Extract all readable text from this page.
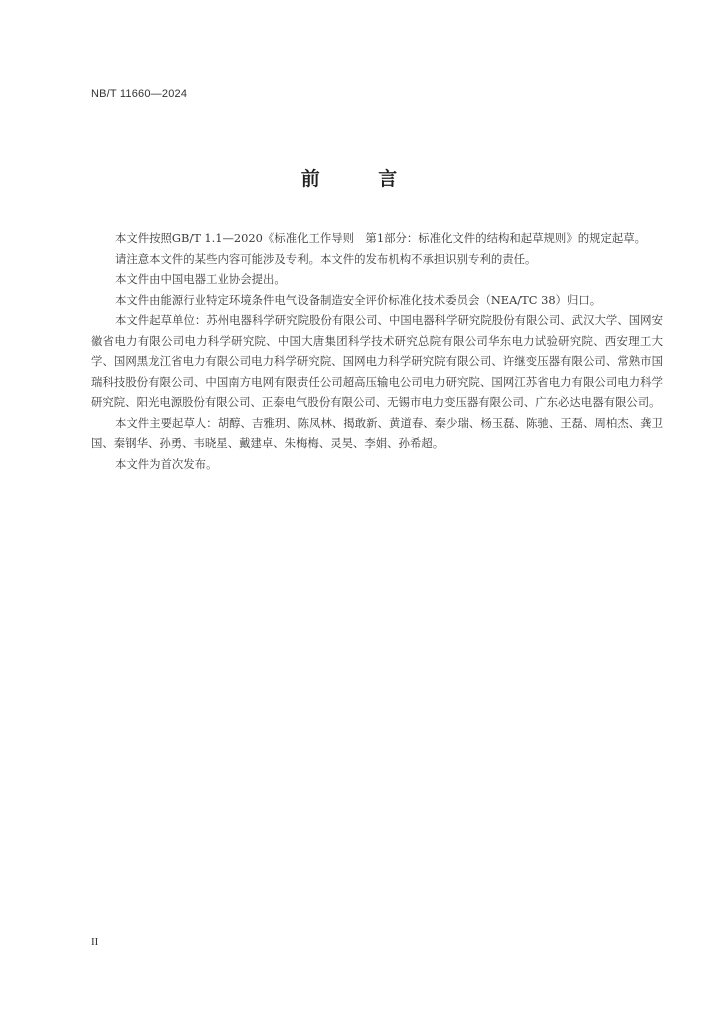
NB/T 11660—2024
前 言

本文件按照GB/T 1.1—2020《标准化工作导则　第1部分：标准化文件的结构和起草规则》的规定起草。

请注意本文件的某些内容可能涉及专利。本文件的发布机构不承担识别专利的责任。

本文件由中国电器工业协会提出。

本文件由能源行业特定环境条件电气设备制造安全评价标准化技术委员会（NEA/TC 38）归口。

本文件起草单位：苏州电器科学研究院股份有限公司、中国电器科学研究院股份有限公司、武汉大学、国网安徽省电力有限公司电力科学研究院、中国大唐集团科学技术研究总院有限公司华东电力试验研究院、西安理工大学、国网黑龙江省电力有限公司电力科学研究院、国网电力科学研究院有限公司、许继变压器有限公司、常熟市国瑞科技股份有限公司、中国南方电网有限责任公司超高压输电公司电力研究院、国网江苏省电力有限公司电力科学研究院、阳光电源股份有限公司、正泰电气股份有限公司、无锡市电力变压器有限公司、广东必达电器有限公司。

本文件主要起草人：胡醇、吉雅玥、陈凤林、揭敢新、黄道春、秦少瑞、杨玉磊、陈驰、王磊、周柏杰、龚卫国、秦钢华、孙勇、韦晓星、戴建卓、朱梅梅、灵昊、李娟、孙希超。

本文件为首次发布。

II
